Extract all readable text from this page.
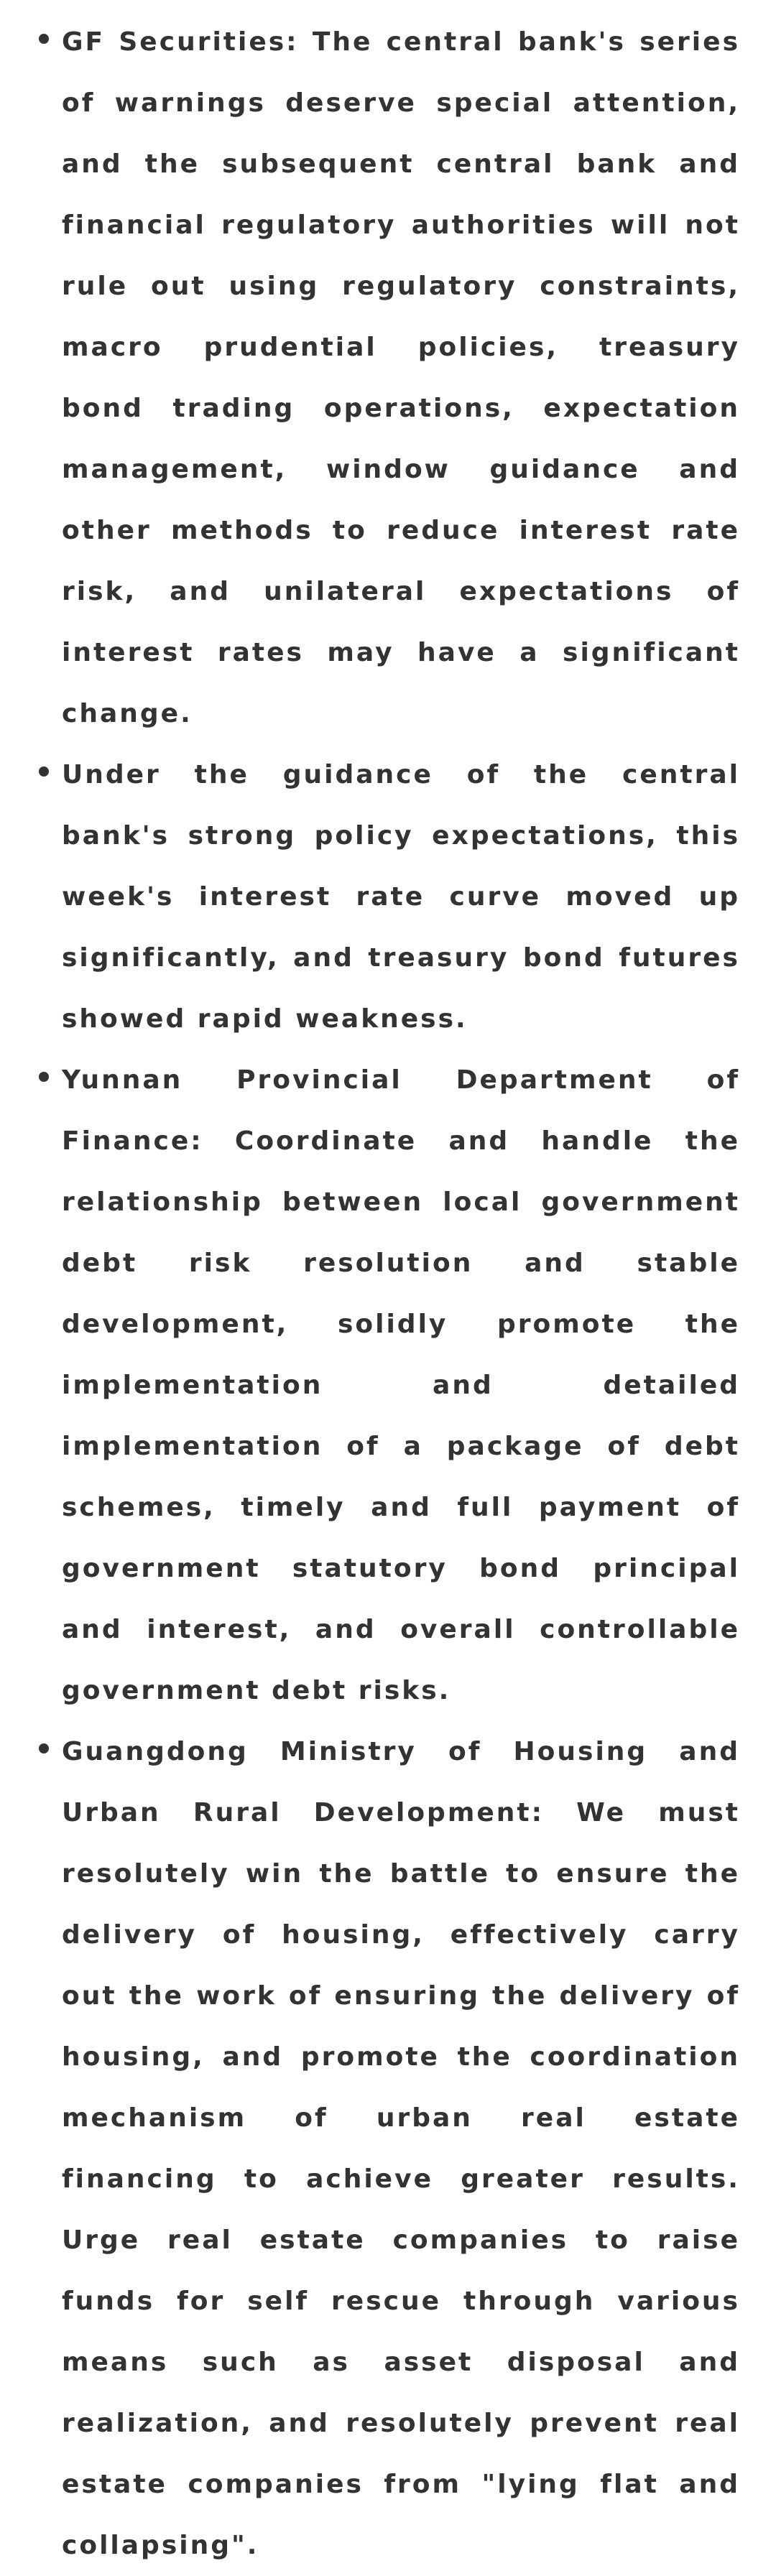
GF Securities: The central bank's series of warnings deserve special attention, and the subsequent central bank and financial regulatory authorities will not rule out using regulatory constraints, macro prudential policies, treasury bond trading operations, expectation management, window guidance and other methods to reduce interest rate risk, and unilateral expectations of interest rates may have a significant change.

Under the guidance of the central bank's strong policy expectations, this week's interest rate curve moved up significantly, and treasury bond futures showed rapid weakness.

Yunnan Provincial Department of Finance: Coordinate and handle the relationship between local government debt risk resolution and stable development, solidly promote the implementation and detailed implementation of a package of debt schemes, timely and full payment of government statutory bond principal and interest, and overall controllable government debt risks.

Guangdong Ministry of Housing and Urban Rural Development: We must resolutely win the battle to ensure the delivery of housing, effectively carry out the work of ensuring the delivery of housing, and promote the coordination mechanism of urban real estate financing to achieve greater results. Urge real estate companies to raise funds for self rescue through various means such as asset disposal and realization, and resolutely prevent real estate companies from "lying flat and collapsing".
